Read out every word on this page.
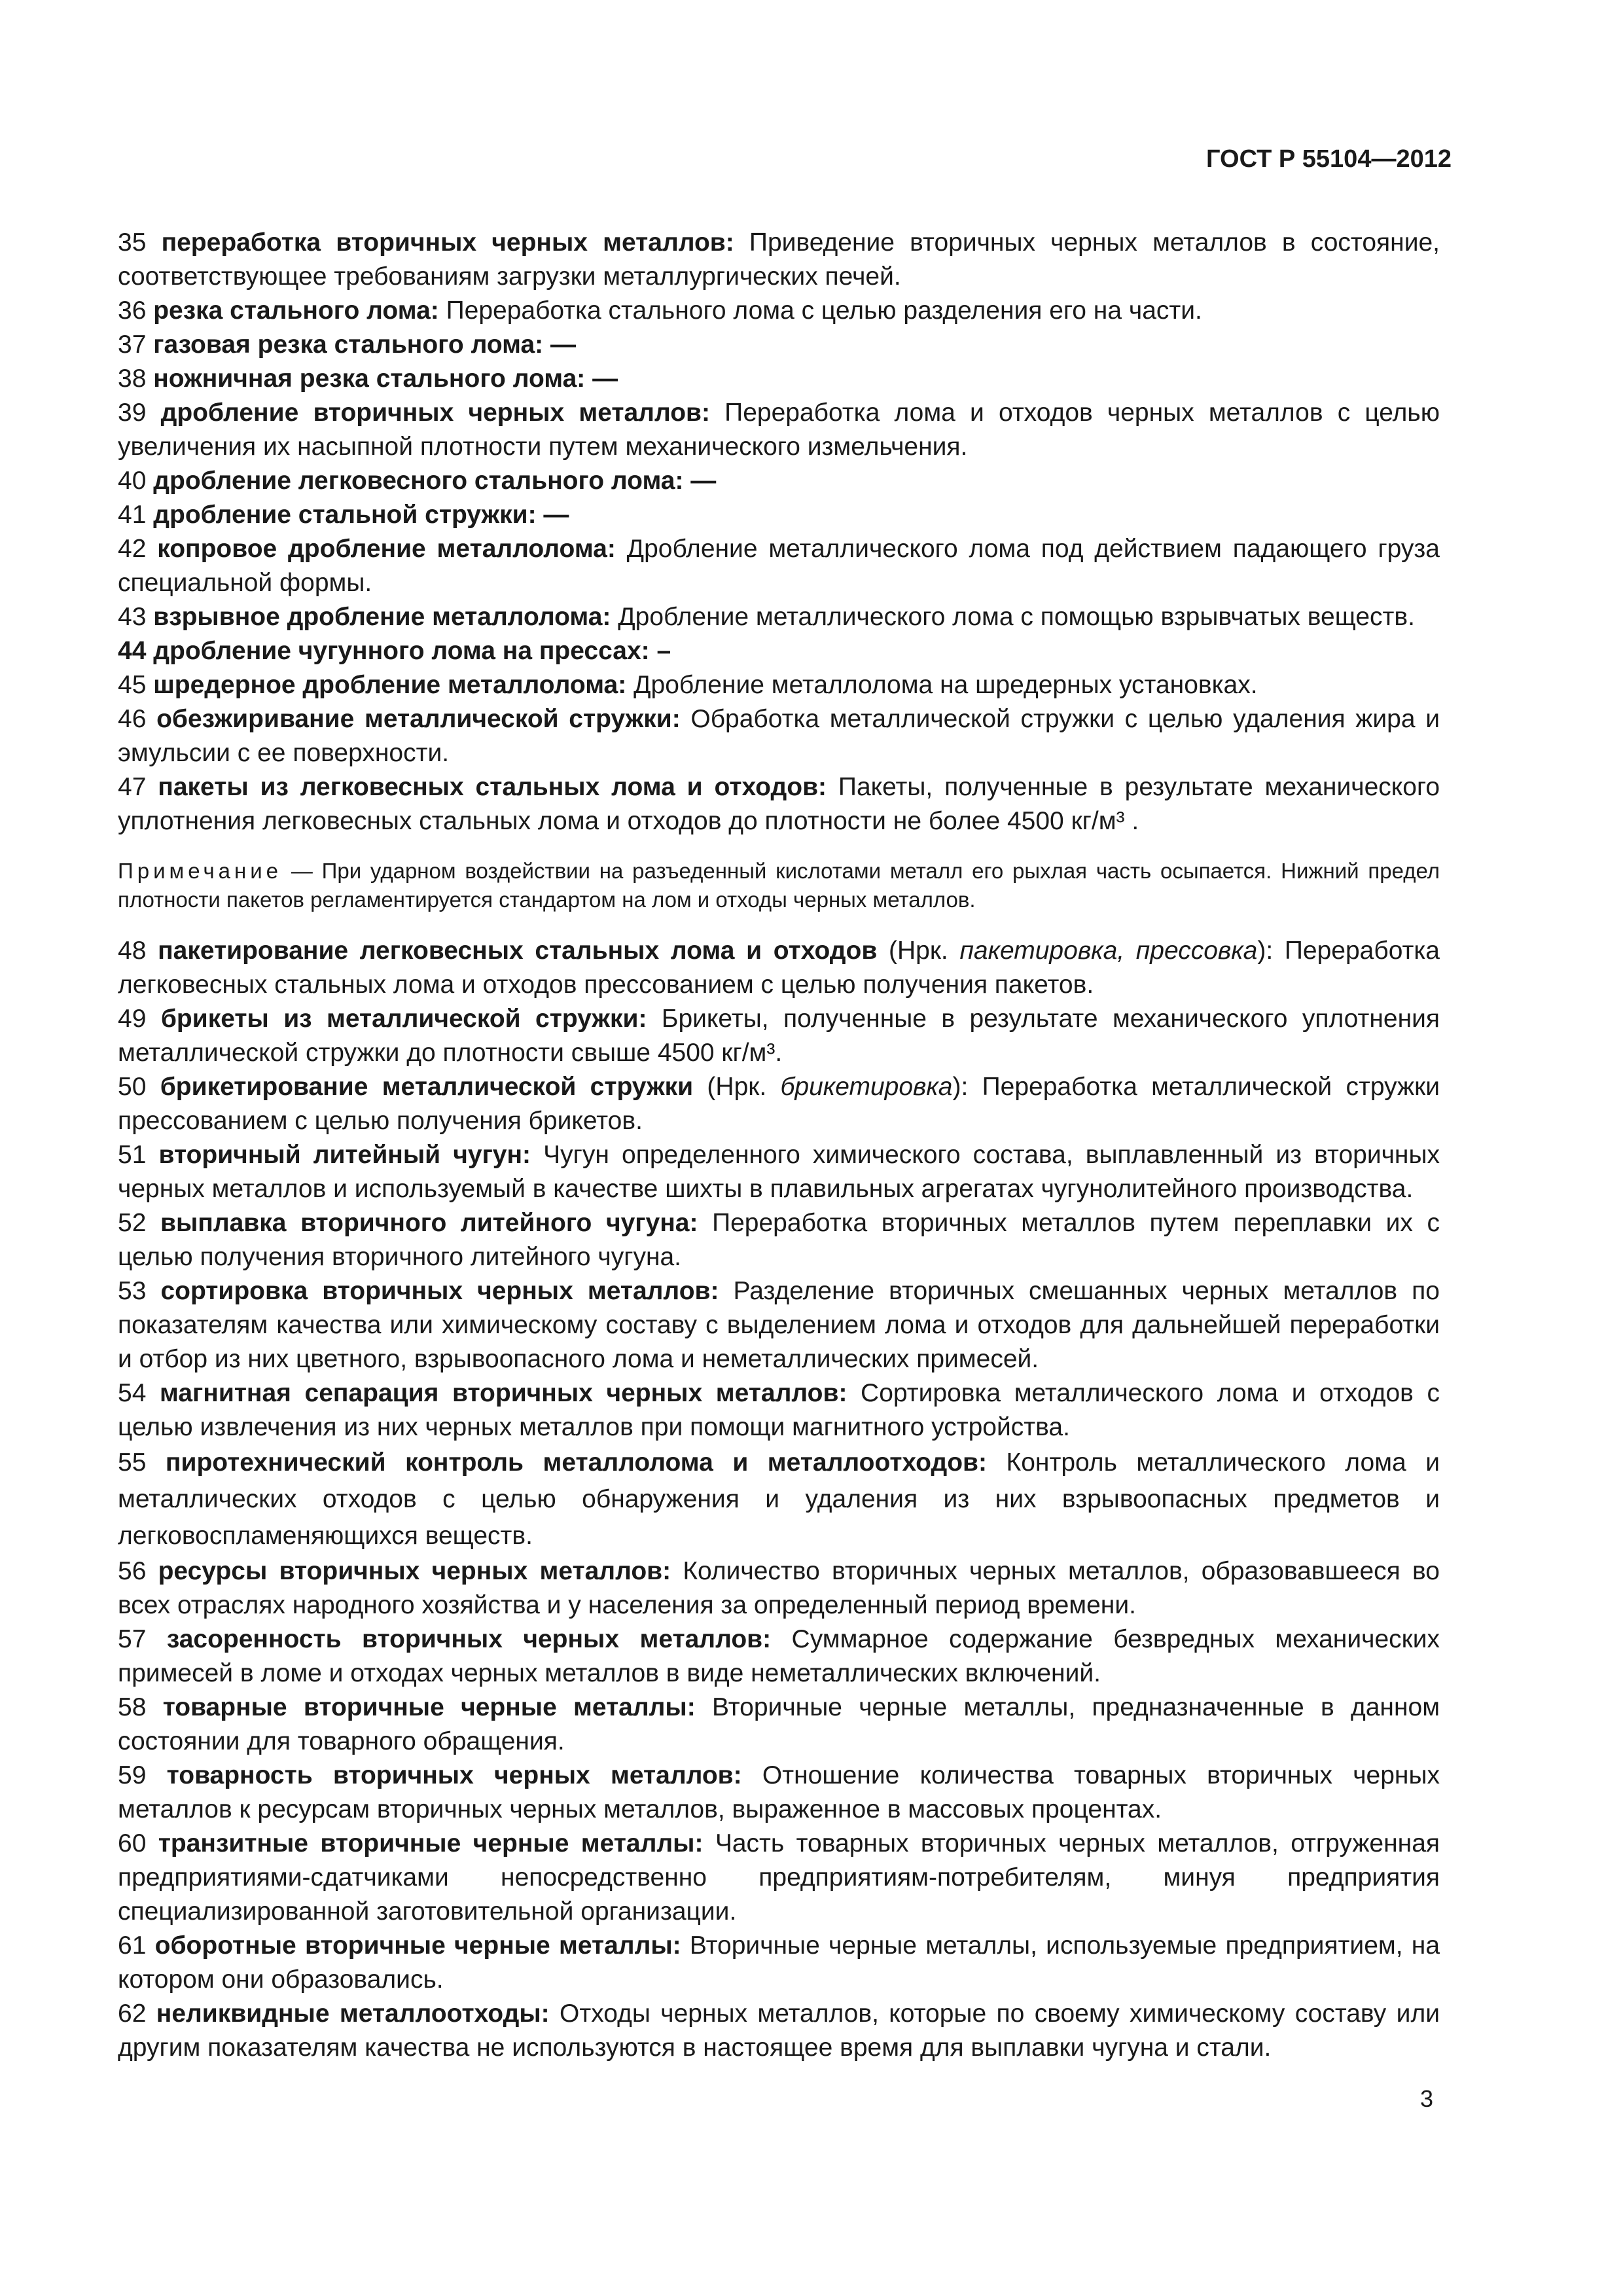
ГОСТ Р 55104—2012

35 переработка вторичных черных металлов: Приведение вторичных черных металлов в состояние, соответствующее требованиям загрузки металлургических печей.

36 резка стального лома: Переработка стального лома с целью разделения его на части.

37 газовая резка стального лома: —

38 ножничная резка стального лома: —

39 дробление вторичных черных металлов: Переработка лома и отходов черных металлов с целью увеличения их насыпной плотности путем механического измельчения.

40 дробление легковесного стального лома: —

41 дробление стальной стружки: —

42 копровое дробление металлолома: Дробление металлического лома под действием падающего груза специальной формы.

43 взрывное дробление металлолома: Дробление металлического лома с помощью взрывчатых веществ.

44 дробление чугунного лома на прессах: –

45 шредерное дробление металлолома: Дробление металлолома на шредерных установках.

46 обезжиривание металлической стружки: Обработка металлической стружки с целью удаления жира и эмульсии с ее поверхности.

47 пакеты из легковесных стальных лома и отходов: Пакеты, полученные в результате механического уплотнения легковесных стальных лома и отходов до плотности не более 4500 кг/м³ .

Примечание — При ударном воздействии на разъеденный кислотами металл его рыхлая часть осыпается. Нижний предел плотности пакетов регламентируется стандартом на лом и отходы черных металлов.

48 пакетирование легковесных стальных лома и отходов (Нрк. пакетировка, прессовка): Переработка легковесных стальных лома и отходов прессованием с целью получения пакетов.

49 брикеты из металлической стружки: Брикеты, полученные в результате механического уплотнения металлической стружки до плотности свыше 4500 кг/м³.

50 брикетирование металлической стружки (Нрк. брикетировка): Переработка металлической стружки прессованием с целью получения брикетов.

51 вторичный литейный чугун: Чугун определенного химического состава, выплавленный из вторичных черных металлов и используемый в качестве шихты в плавильных агрегатах чугунолитейного производства.

52 выплавка вторичного литейного чугуна: Переработка вторичных металлов путем переплавки их с целью получения вторичного литейного чугуна.

53 сортировка вторичных черных металлов: Разделение вторичных смешанных черных металлов по показателям качества или химическому составу с выделением лома и отходов для дальнейшей переработки и отбор из них цветного, взрывоопасного лома и неметаллических примесей.

54 магнитная сепарация вторичных черных металлов: Сортировка металлического лома и отходов с целью извлечения из них черных металлов при помощи магнитного устройства.

55 пиротехнический контроль металлолома и металлоотходов: Контроль металлического лома и металлических отходов с целью обнаружения и удаления из них взрывоопасных предметов и легковоспламеняющихся веществ.

56 ресурсы вторичных черных металлов: Количество вторичных черных металлов, образовавшееся во всех отраслях народного хозяйства и у населения за определенный период времени.

57 засоренность вторичных черных металлов: Суммарное содержание безвредных механических примесей в ломе и отходах черных металлов в виде неметаллических включений.

58 товарные вторичные черные металлы: Вторичные черные металлы, предназначенные в данном состоянии для товарного обращения.

59 товарность вторичных черных металлов: Отношение количества товарных вторичных черных металлов к ресурсам вторичных черных металлов, выраженное в массовых процентах.

60 транзитные вторичные черные металлы: Часть товарных вторичных черных металлов, отгруженная предприятиями-сдатчиками непосредственно предприятиям-потребителям, минуя предприятия специализированной заготовительной организации.

61 оборотные вторичные черные металлы: Вторичные черные металлы, используемые предприятием, на котором они образовались.

62 неликвидные металлоотходы: Отходы черных металлов, которые по своему химическому составу или другим показателям качества не используются в настоящее время для выплавки чугуна и стали.

3
